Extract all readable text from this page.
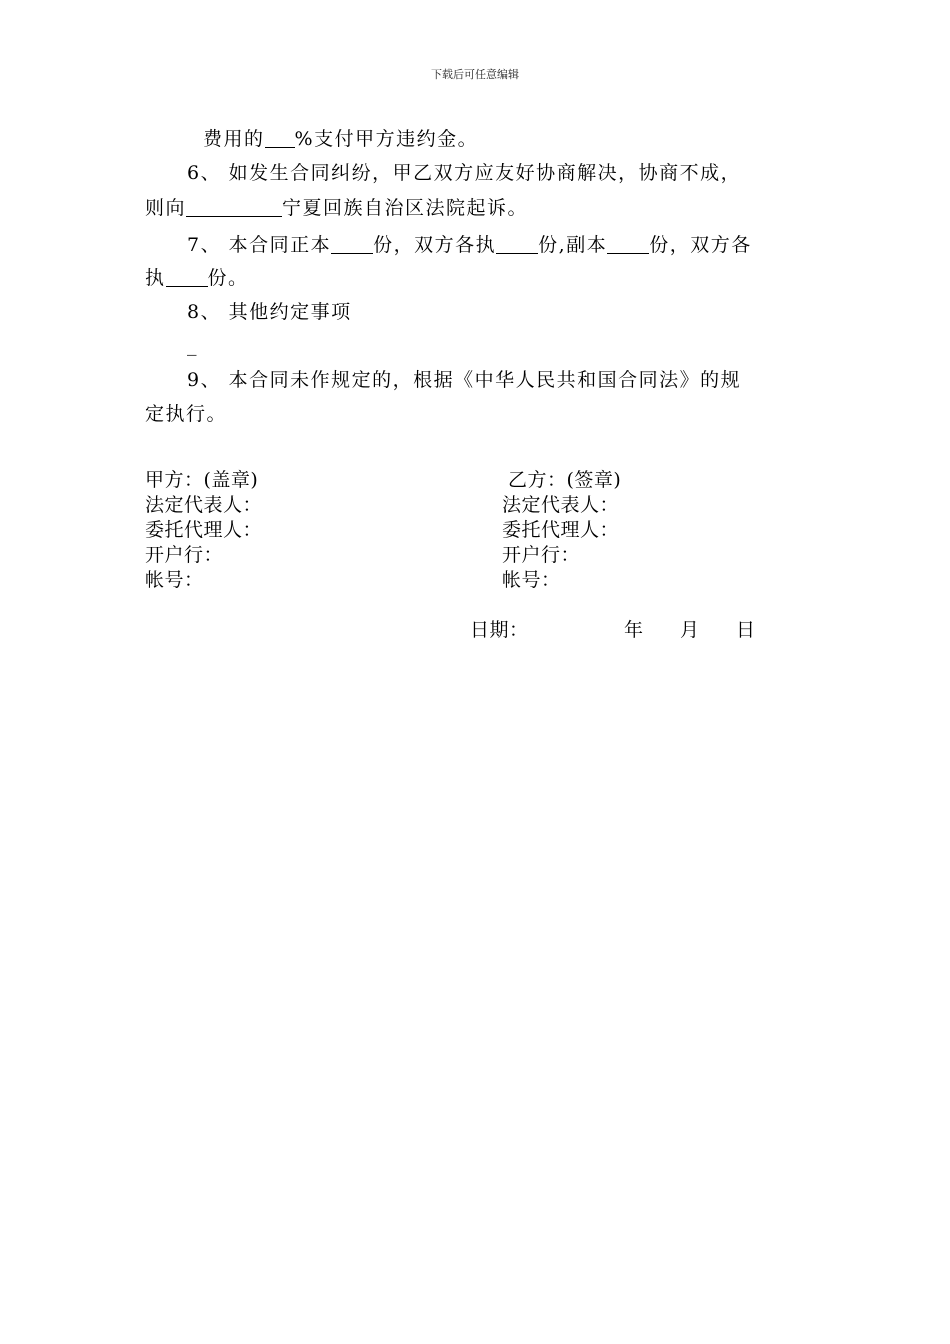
下载后可任意编辑
费用的 %支付甲方违约金。
6、 如发生合同纠纷，甲乙双方应友好协商解决，协商不成，
则向	宁夏回族自治区法院起诉。
7、 本合同正本 份，双方各执 份,副本 份，双方各
执 份。
8、 其他约定事项
_
9、 本合同未作规定的，根据《中华人民共和国合同法》的规
定执行。
甲方：(盖章)
法定代表人：
委托代理人：
开户行：
帐号：
乙方：(签章)
法定代表人：
委托代理人：
开户行：
帐号：
日期：	年 月 日
